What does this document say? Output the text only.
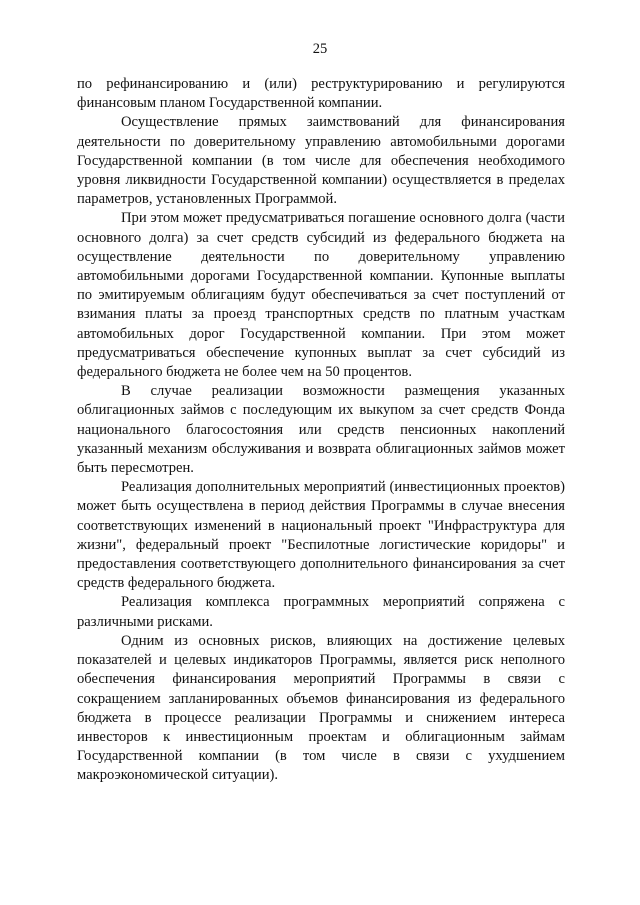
25

по рефинансированию и (или) реструктурированию и регулируются финансовым планом Государственной компании.

Осуществление прямых заимствований для финансирования деятельности по доверительному управлению автомобильными дорогами Государственной компании (в том числе для обеспечения необходимого уровня ликвидности Государственной компании) осуществляется в пределах параметров, установленных Программой.

При этом может предусматриваться погашение основного долга (части основного долга) за счет средств субсидий из федерального бюджета на осуществление деятельности по доверительному управлению автомобильными дорогами Государственной компании. Купонные выплаты по эмитируемым облигациям будут обеспечиваться за счет поступлений от взимания платы за проезд транспортных средств по платным участкам автомобильных дорог Государственной компании. При этом может предусматриваться обеспечение купонных выплат за счет субсидий из федерального бюджета не более чем на 50 процентов.

В случае реализации возможности размещения указанных облигационных займов с последующим их выкупом за счет средств Фонда национального благосостояния или средств пенсионных накоплений указанный механизм обслуживания и возврата облигационных займов может быть пересмотрен.

Реализация дополнительных мероприятий (инвестиционных проектов) может быть осуществлена в период действия Программы в случае внесения соответствующих изменений в национальный проект "Инфраструктура для жизни", федеральный проект "Беспилотные логистические коридоры" и предоставления соответствующего дополнительного финансирования за счет средств федерального бюджета.

Реализация комплекса программных мероприятий сопряжена с различными рисками.

Одним из основных рисков, влияющих на достижение целевых показателей и целевых индикаторов Программы, является риск неполного обеспечения финансирования мероприятий Программы в связи с сокращением запланированных объемов финансирования из федерального бюджета в процессе реализации Программы и снижением интереса инвесторов к инвестиционным проектам и облигационным займам Государственной компании (в том числе в связи с ухудшением макроэкономической ситуации).
